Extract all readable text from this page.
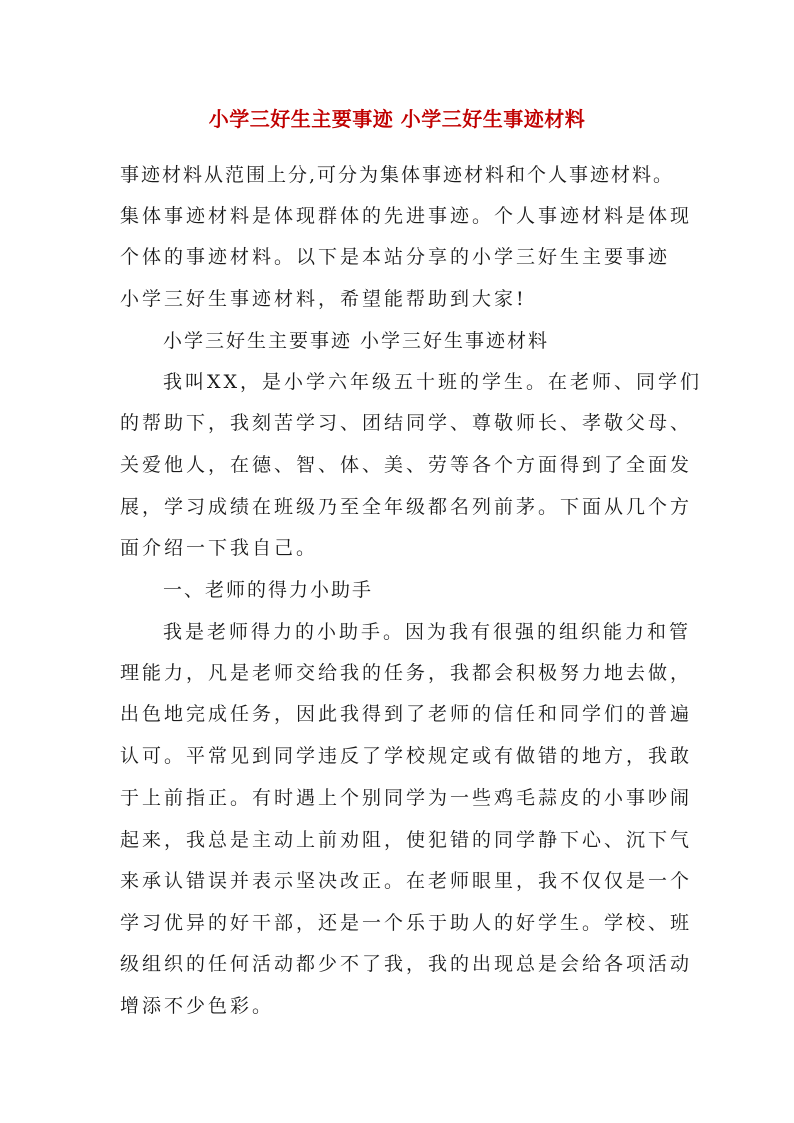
小学三好生主要事迹 小学三好生事迹材料
事迹材料从范围上分,可分为集体事迹材料和个人事迹材料。
集体事迹材料是体现群体的先进事迹。个人事迹材料是体现
个体的事迹材料。以下是本站分享的小学三好生主要事迹
小学三好生事迹材料，希望能帮助到大家!
小学三好生主要事迹 小学三好生事迹材料
我叫XX，是小学六年级五十班的学生。在老师、同学们
的帮助下，我刻苦学习、团结同学、尊敬师长、孝敬父母、
关爱他人，在德、智、体、美、劳等各个方面得到了全面发
展，学习成绩在班级乃至全年级都名列前茅。下面从几个方
面介绍一下我自己。
一、老师的得力小助手
我是老师得力的小助手。因为我有很强的组织能力和管
理能力，凡是老师交给我的任务，我都会积极努力地去做，
出色地完成任务，因此我得到了老师的信任和同学们的普遍
认可。平常见到同学违反了学校规定或有做错的地方，我敢
于上前指正。有时遇上个别同学为一些鸡毛蒜皮的小事吵闹
起来，我总是主动上前劝阻，使犯错的同学静下心、沉下气
来承认错误并表示坚决改正。在老师眼里，我不仅仅是一个
学习优异的好干部，还是一个乐于助人的好学生。学校、班
级组织的任何活动都少不了我，我的出现总是会给各项活动
增添不少色彩。
